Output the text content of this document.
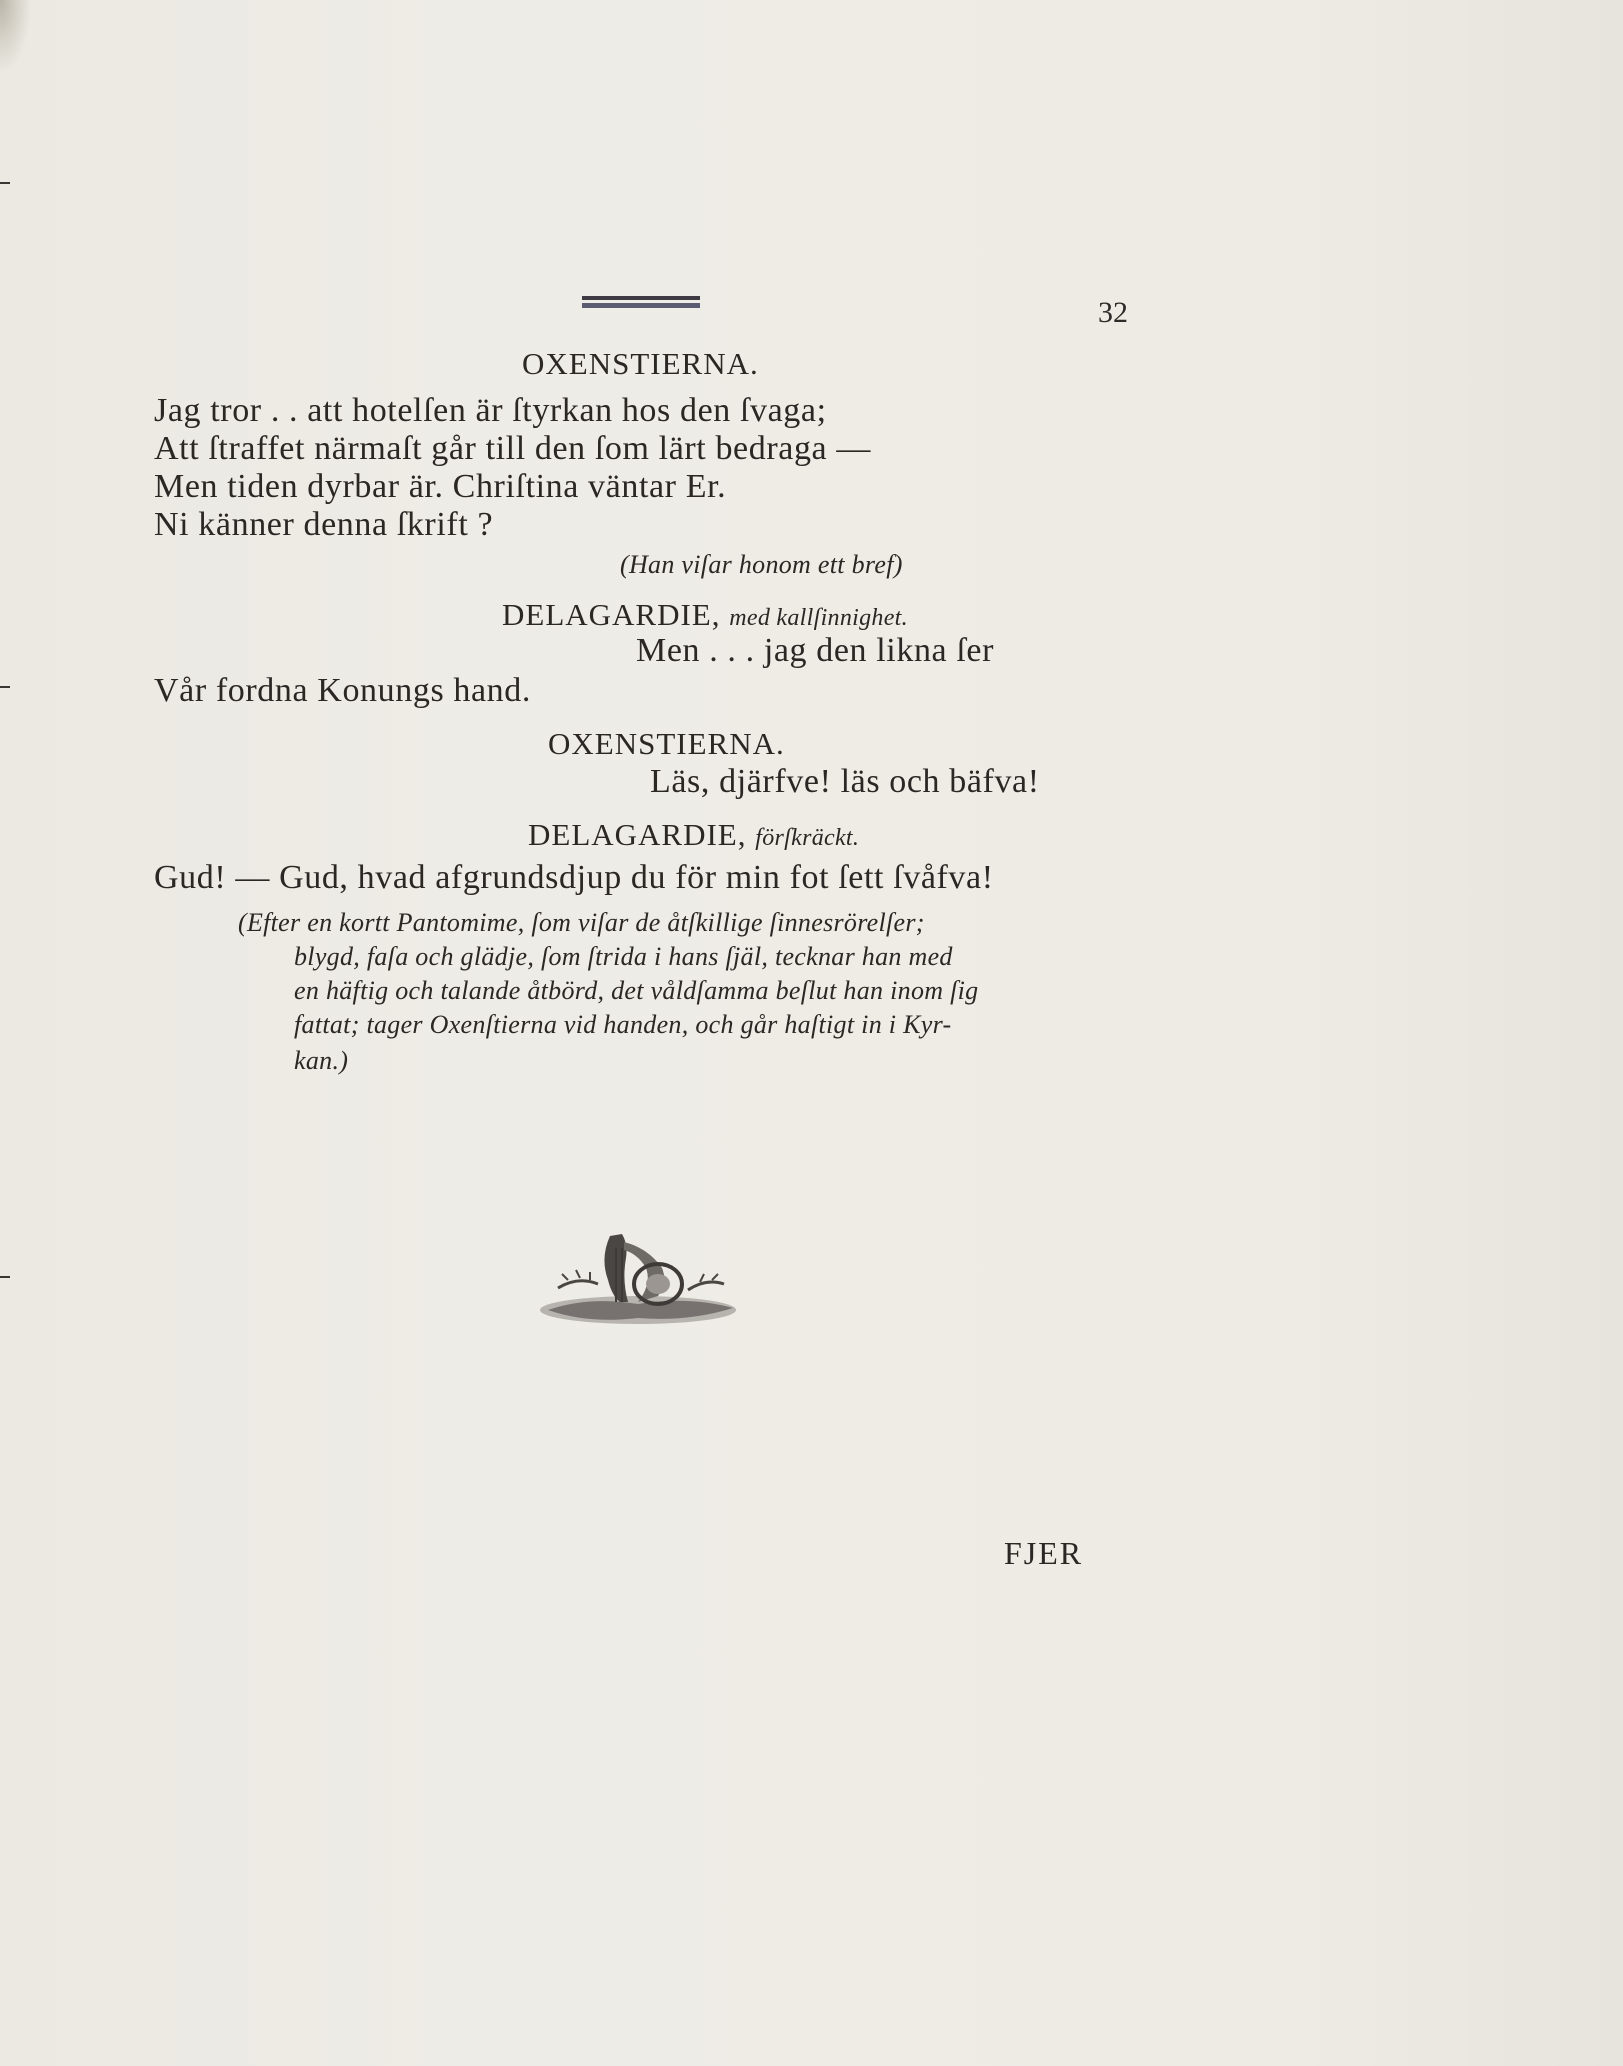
32
OXENSTIERNA.
Jag tror . . att hotelſen är ſtyrkan hos den ſvaga;
Att ſtraffet närmaſt går till den ſom lärt bedraga —
Men tiden dyrbar är. Chriſtina väntar Er.
Ni känner denna ſkrift ?
(Han viſar honom ett bref)
DELAGARDIE, med kallſinnighet.
Men . . . jag den likna ſer
Vår fordna Konungs hand.
OXENSTIERNA.
Läs, djärfve! läs och bäfva!
DELAGARDIE, förſkräckt.
Gud! — Gud, hvad afgrundsdjup du för min fot ſett ſvåfva!
(Efter en kortt Pantomime, ſom viſar de åtſkillige ſinnesrörelſer;
blygd, faſa och glädje, ſom ſtrida i hans ſjäl, tecknar han med
en häftig och talande åtbörd, det våldſamma beſlut han inom ſig
fattat; tager Oxenſtierna vid handen, och går haſtigt in i Kyr-
kan.)
FJER
